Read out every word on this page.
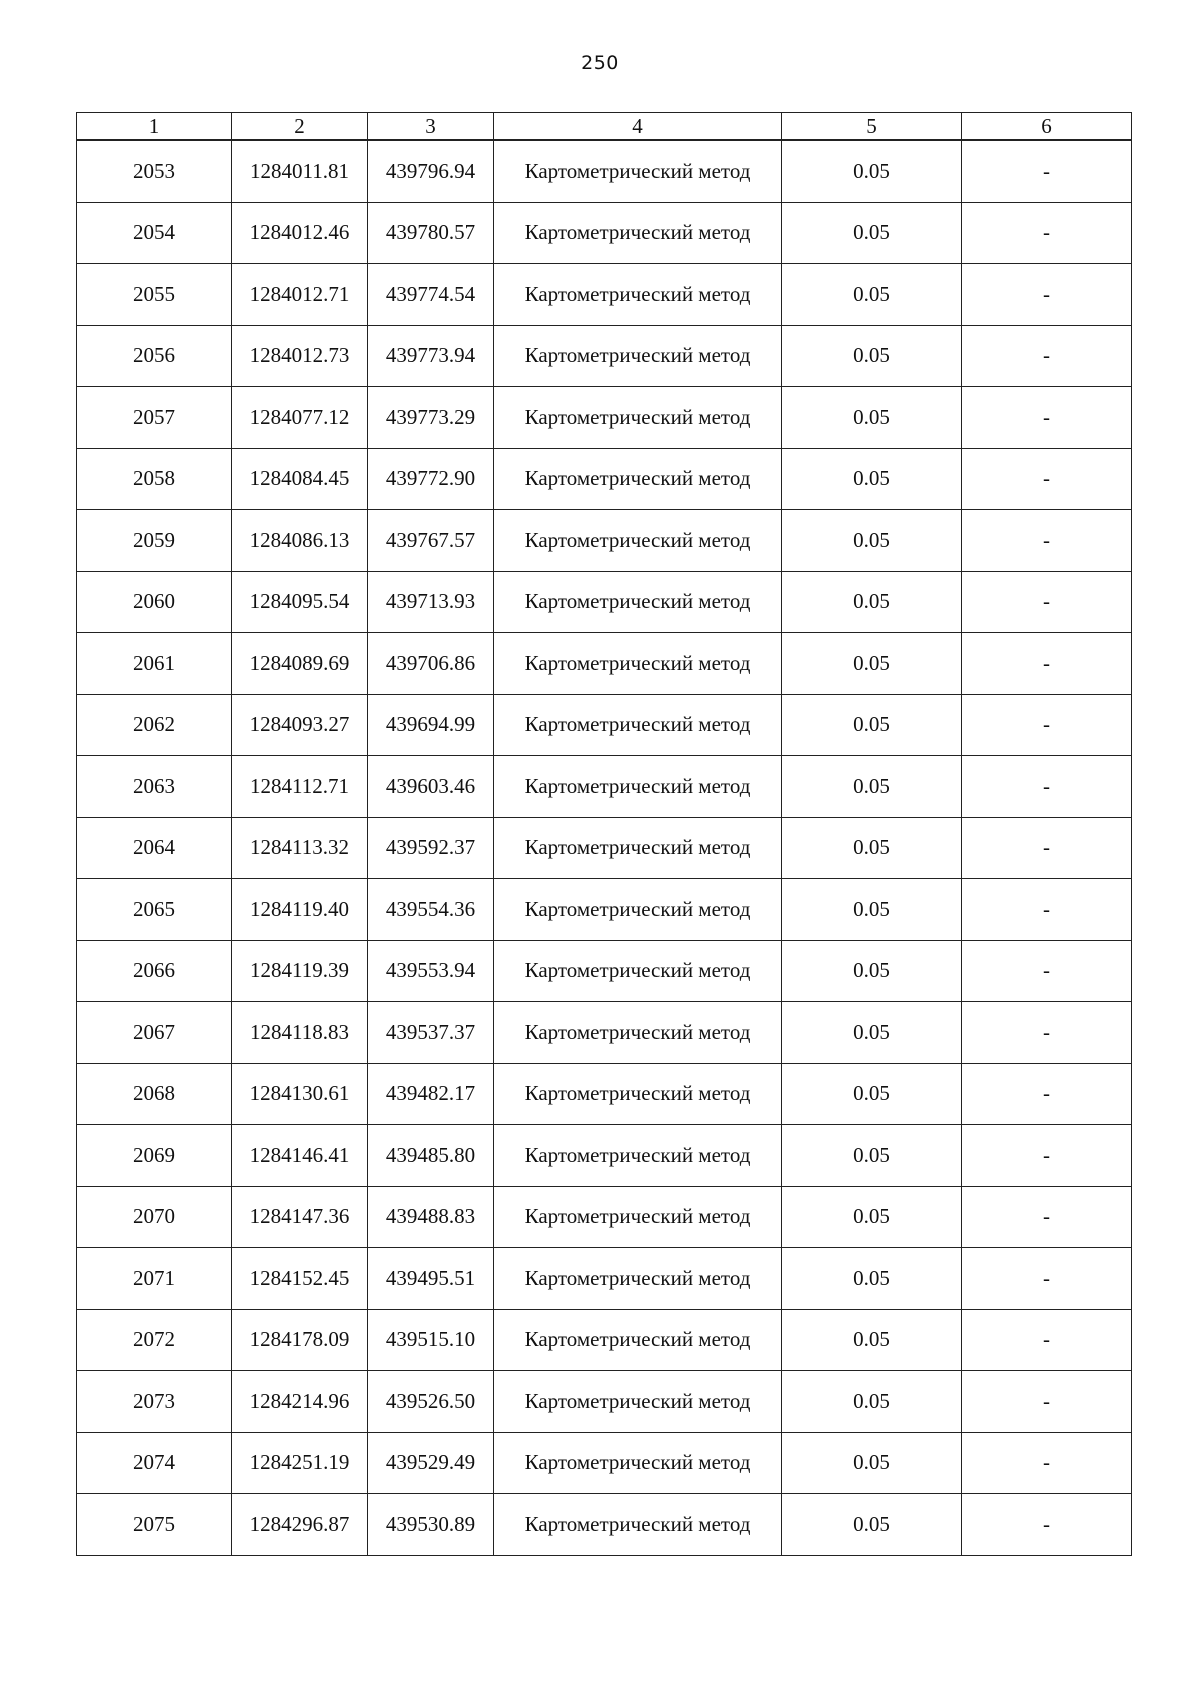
250
1	2	3	4	5	6
2053	1284011.81	439796.94	Картометрический метод	0.05	-
2054	1284012.46	439780.57	Картометрический метод	0.05	-
2055	1284012.71	439774.54	Картометрический метод	0.05	-
2056	1284012.73	439773.94	Картометрический метод	0.05	-
2057	1284077.12	439773.29	Картометрический метод	0.05	-
2058	1284084.45	439772.90	Картометрический метод	0.05	-
2059	1284086.13	439767.57	Картометрический метод	0.05	-
2060	1284095.54	439713.93	Картометрический метод	0.05	-
2061	1284089.69	439706.86	Картометрический метод	0.05	-
2062	1284093.27	439694.99	Картометрический метод	0.05	-
2063	1284112.71	439603.46	Картометрический метод	0.05	-
2064	1284113.32	439592.37	Картометрический метод	0.05	-
2065	1284119.40	439554.36	Картометрический метод	0.05	-
2066	1284119.39	439553.94	Картометрический метод	0.05	-
2067	1284118.83	439537.37	Картометрический метод	0.05	-
2068	1284130.61	439482.17	Картометрический метод	0.05	-
2069	1284146.41	439485.80	Картометрический метод	0.05	-
2070	1284147.36	439488.83	Картометрический метод	0.05	-
2071	1284152.45	439495.51	Картометрический метод	0.05	-
2072	1284178.09	439515.10	Картометрический метод	0.05	-
2073	1284214.96	439526.50	Картометрический метод	0.05	-
2074	1284251.19	439529.49	Картометрический метод	0.05	-
2075	1284296.87	439530.89	Картометрический метод	0.05	-
